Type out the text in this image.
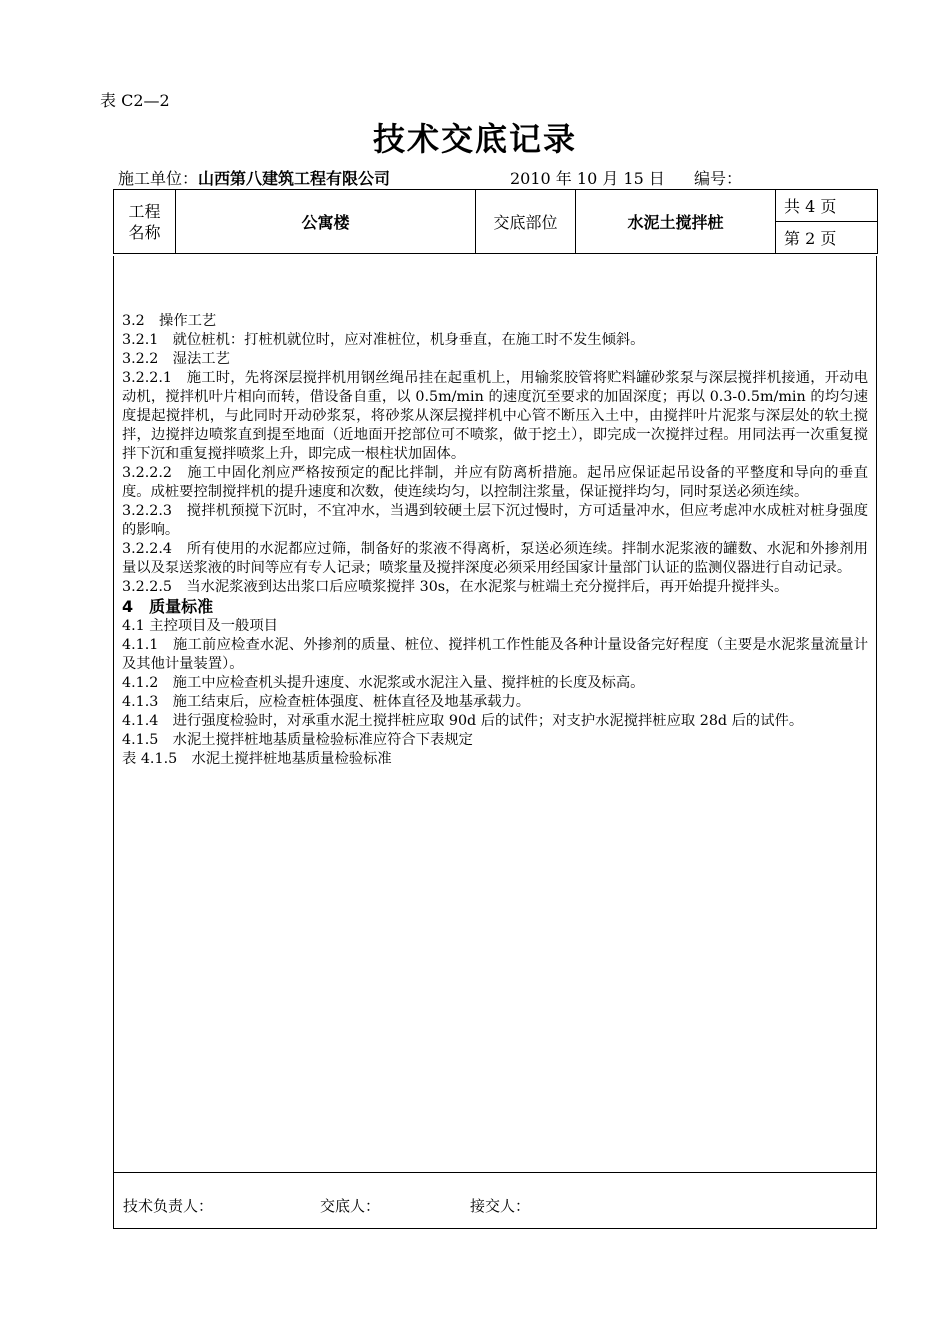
表 C2—2
技术交底记录
施工单位：山西第八建筑工程有限公司	2010 年 10 月 15 日 编号：
工程名称	公寓楼	交底部位	水泥土搅拌桩	共 4 页
第 2 页

3.2　操作工艺

3.2.1　就位桩机：打桩机就位时，应对准桩位，机身垂直，在施工时不发生倾斜。

3.2.2　湿法工艺

3.2.2.1　施工时，先将深层搅拌机用钢丝绳吊挂在起重机上，用输浆胶管将贮料罐砂浆泵与深层搅拌机接通，开动电动机，搅拌机叶片相向而转，借设备自重，以 0.5m/min 的速度沉至要求的加固深度；再以 0.3-0.5m/min 的均匀速度提起搅拌机，与此同时开动砂浆泵，将砂浆从深层搅拌机中心管不断压入土中，由搅拌叶片泥浆与深层处的软土搅拌，边搅拌边喷浆直到提至地面（近地面开挖部位可不喷浆，做于挖土），即完成一次搅拌过程。用同法再一次重复搅拌下沉和重复搅拌喷浆上升，即完成一根柱状加固体。

3.2.2.2　施工中固化剂应严格按预定的配比拌制，并应有防离析措施。起吊应保证起吊设备的平整度和导向的垂直度。成桩要控制搅拌机的提升速度和次数，使连续均匀，以控制注浆量，保证搅拌均匀，同时泵送必须连续。

3.2.2.3　搅拌机预搅下沉时，不宜冲水，当遇到较硬土层下沉过慢时，方可适量冲水，但应考虑冲水成桩对桩身强度的影响。

3.2.2.4　所有使用的水泥都应过筛，制备好的浆液不得离析，泵送必须连续。拌制水泥浆液的罐数、水泥和外掺剂用量以及泵送浆液的时间等应有专人记录；喷浆量及搅拌深度必须采用经国家计量部门认证的监测仪器进行自动记录。

3.2.2.5　当水泥浆液到达出浆口后应喷浆搅拌 30s，在水泥浆与桩端土充分搅拌后，再开始提升搅拌头。

4　质量标准

4.1 主控项目及一般项目

4.1.1　施工前应检查水泥、外掺剂的质量、桩位、搅拌机工作性能及各种计量设备完好程度（主要是水泥浆量流量计及其他计量装置）。

4.1.2　施工中应检查机头提升速度、水泥浆或水泥注入量、搅拌桩的长度及标高。

4.1.3　施工结束后，应检查桩体强度、桩体直径及地基承载力。

4.1.4　进行强度检验时，对承重水泥土搅拌桩应取 90d 后的试件；对支护水泥搅拌桩应取 28d 后的试件。

4.1.5　水泥土搅拌桩地基质量检验标准应符合下表规定

表 4.1.5　水泥土搅拌桩地基质量检验标准

技术负责人：	交底人：	接交人：
